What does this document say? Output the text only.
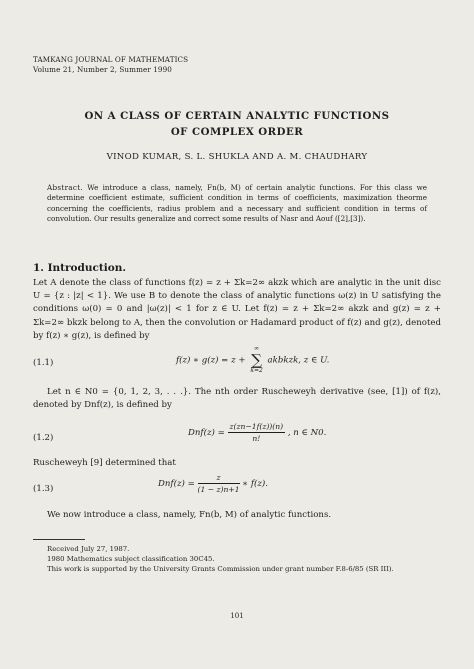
TAMKANG JOURNAL OF MATHEMATICS
Volume 21, Number 2, Summer 1990
ON A CLASS OF CERTAIN ANALYTIC FUNCTIONS
OF COMPLEX ORDER
VINOD KUMAR, S. L. SHUKLA AND A. M. CHAUDHARY
Abstract. We introduce a class, namely, Fn(b, M) of certain analytic functions. For this class we determine coefficient estimate, sufficient condition in terms of coefficients, maximization theorme concerning the coefficients, radius problem and a necessary and sufficient condition in terms of convolution. Our results generalize and correct some results of Nasr and Aouf ([2],[3]).
1. Introduction.
Let A denote the class of functions f(z) = z + Σk=2∞ akzk which are analytic in the unit disc U = {z : |z| < 1}. We use B to denote the class of analytic functions ω(z) in U satisfying the conditions ω(0) = 0 and |ω(z)| < 1 for z ∈ U. Let f(z) = z + Σk=2∞ akzk and g(z) = z + Σk=2∞ bkzk belong to A, then the convolution or Hadamard product of f(z) and g(z), denoted by f(z) ∗ g(z), is defined by
(1.1)	f(z) ∗ g(z) = z +
∞
∑
k=2
akbkzk, z ∈ U.
Let n ∈ N0 = {0, 1, 2, 3, . . .}. The nth order Ruscheweyh derivative (see, [1]) of f(z), denoted by Dnf(z), is defined by
(1.2)	$Dnf(z) = \frac{z(zn-1f(z))(n)}{n!}$ , n ∈ N0.
Ruscheweyh [9] determined that
(1.3)	$Dnf(z) = \frac{z}{(1 - z)n+1}$ ∗ f(z).
We now introduce a class, namely, Fn(b, M) of analytic functions.
Received July 27, 1987.
1980 Mathematics subject classification 30C45.
This work is supported by the University Grants Commission under grant number F.8-6/85 (SR III).
101
